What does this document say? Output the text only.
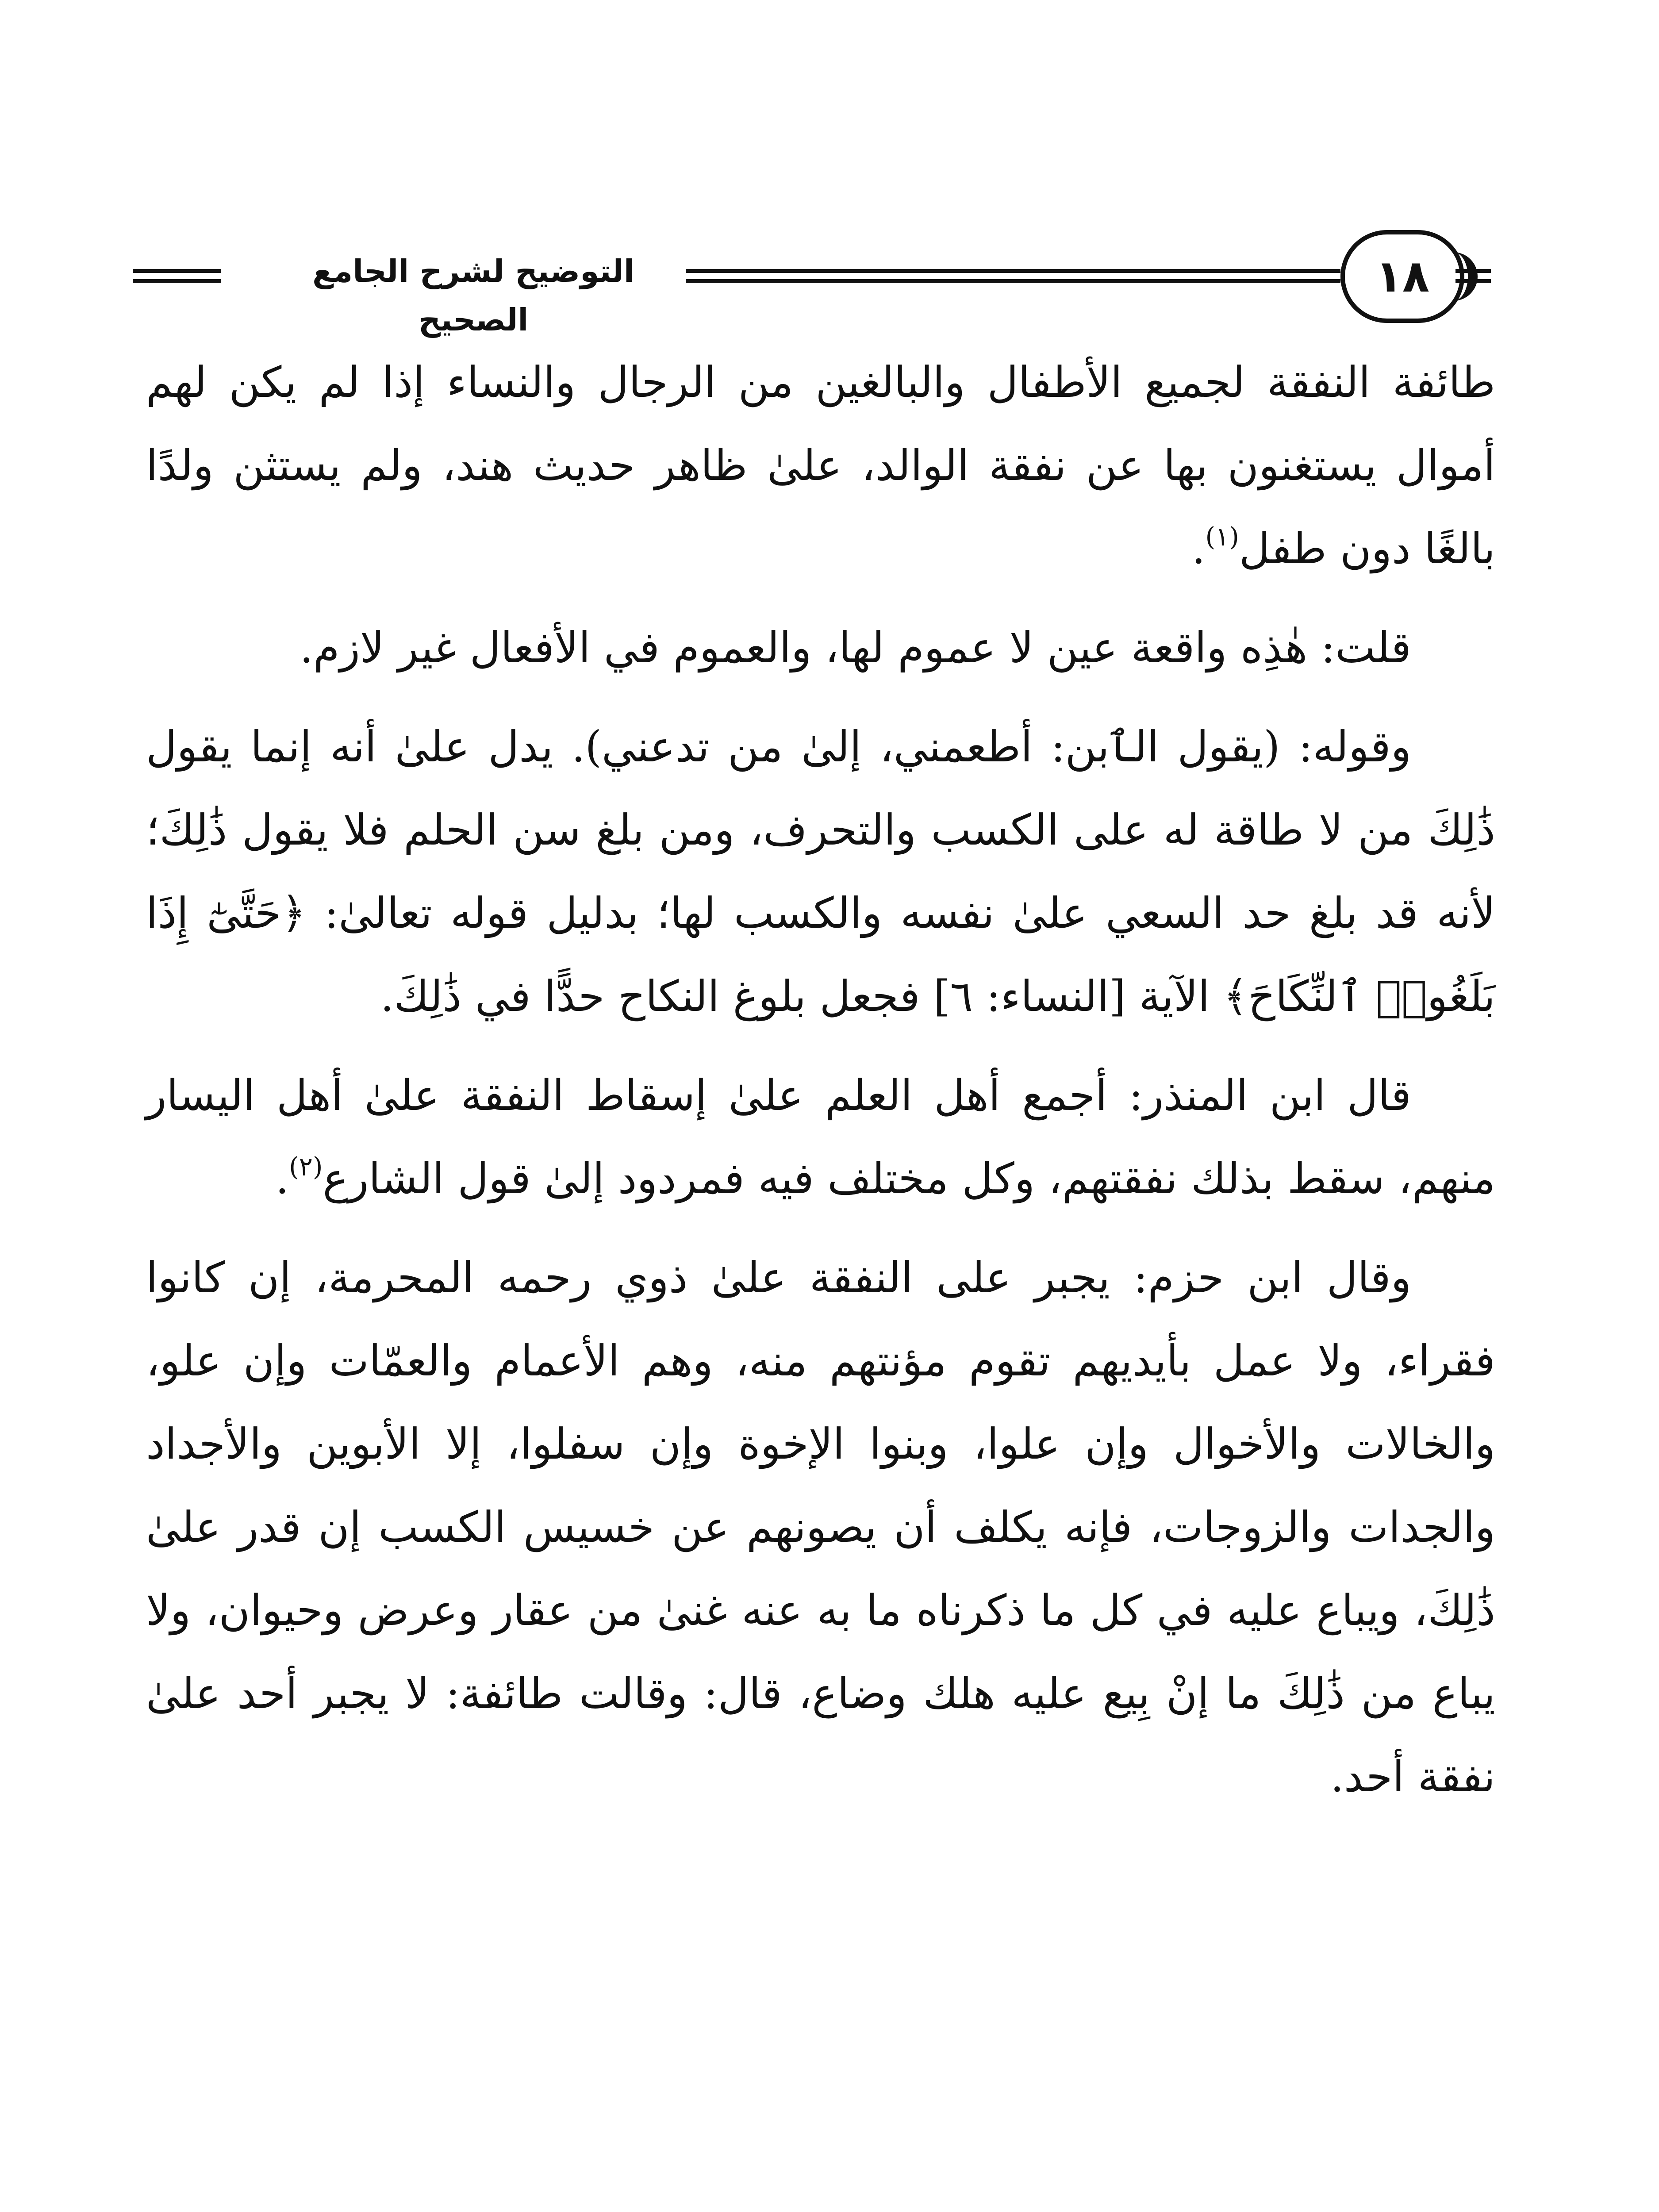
التوضيح لشرح الجامع الصحيح
١٨

طائفة النفقة لجميع الأطفال والبالغين من الرجال والنساء إذا لم يكن لهم أموال يستغنون بها عن نفقة الوالد، علىٰ ظاهر حديث هند، ولم يستثن ولدًا بالغًا دون طفل$^{(١)}$.

قلت: هٰذِه واقعة عين لا عموم لها، والعموم في الأفعال غير لازم.

وقوله: (يقول الٱبن: أطعمني، إلىٰ من تدعني). يدل علىٰ أنه إنما يقول ذَٰلِكَ من لا طاقة له على الكسب والتحرف، ومن بلغ سن الحلم فلا يقول ذَٰلِكَ؛ لأنه قد بلغ حد السعي علىٰ نفسه والكسب لها؛ بدليل قوله تعالىٰ: ﴿حَتَّىٰٓ إِذَا بَلَغُوا۟ ٱلنِّكَاحَ﴾ الآية [النساء: ٦] فجعل بلوغ النكاح حدًّا في ذَٰلِكَ.

قال ابن المنذر: أجمع أهل العلم علىٰ إسقاط النفقة علىٰ أهل اليسار منهم، سقط بذلك نفقتهم، وكل مختلف فيه فمردود إلىٰ قول الشارع$^{(٢)}$.

وقال ابن حزم: يجبر على النفقة علىٰ ذوي رحمه المحرمة، إن كانوا فقراء، ولا عمل بأيديهم تقوم مؤنتهم منه، وهم الأعمام والعمّات وإن علو، والخالات والأخوال وإن علوا، وبنوا الإخوة وإن سفلوا، إلا الأبوين والأجداد والجدات والزوجات، فإنه يكلف أن يصونهم عن خسيس الكسب إن قدر علىٰ ذَٰلِكَ، ويباع عليه في كل ما ذكرناه ما به عنه غنىٰ من عقار وعرض وحيوان، ولا يباع من ذَٰلِكَ ما إنْ بِيع عليه هلك وضاع، قال: وقالت طائفة: لا يجبر أحد علىٰ نفقة أحد.
